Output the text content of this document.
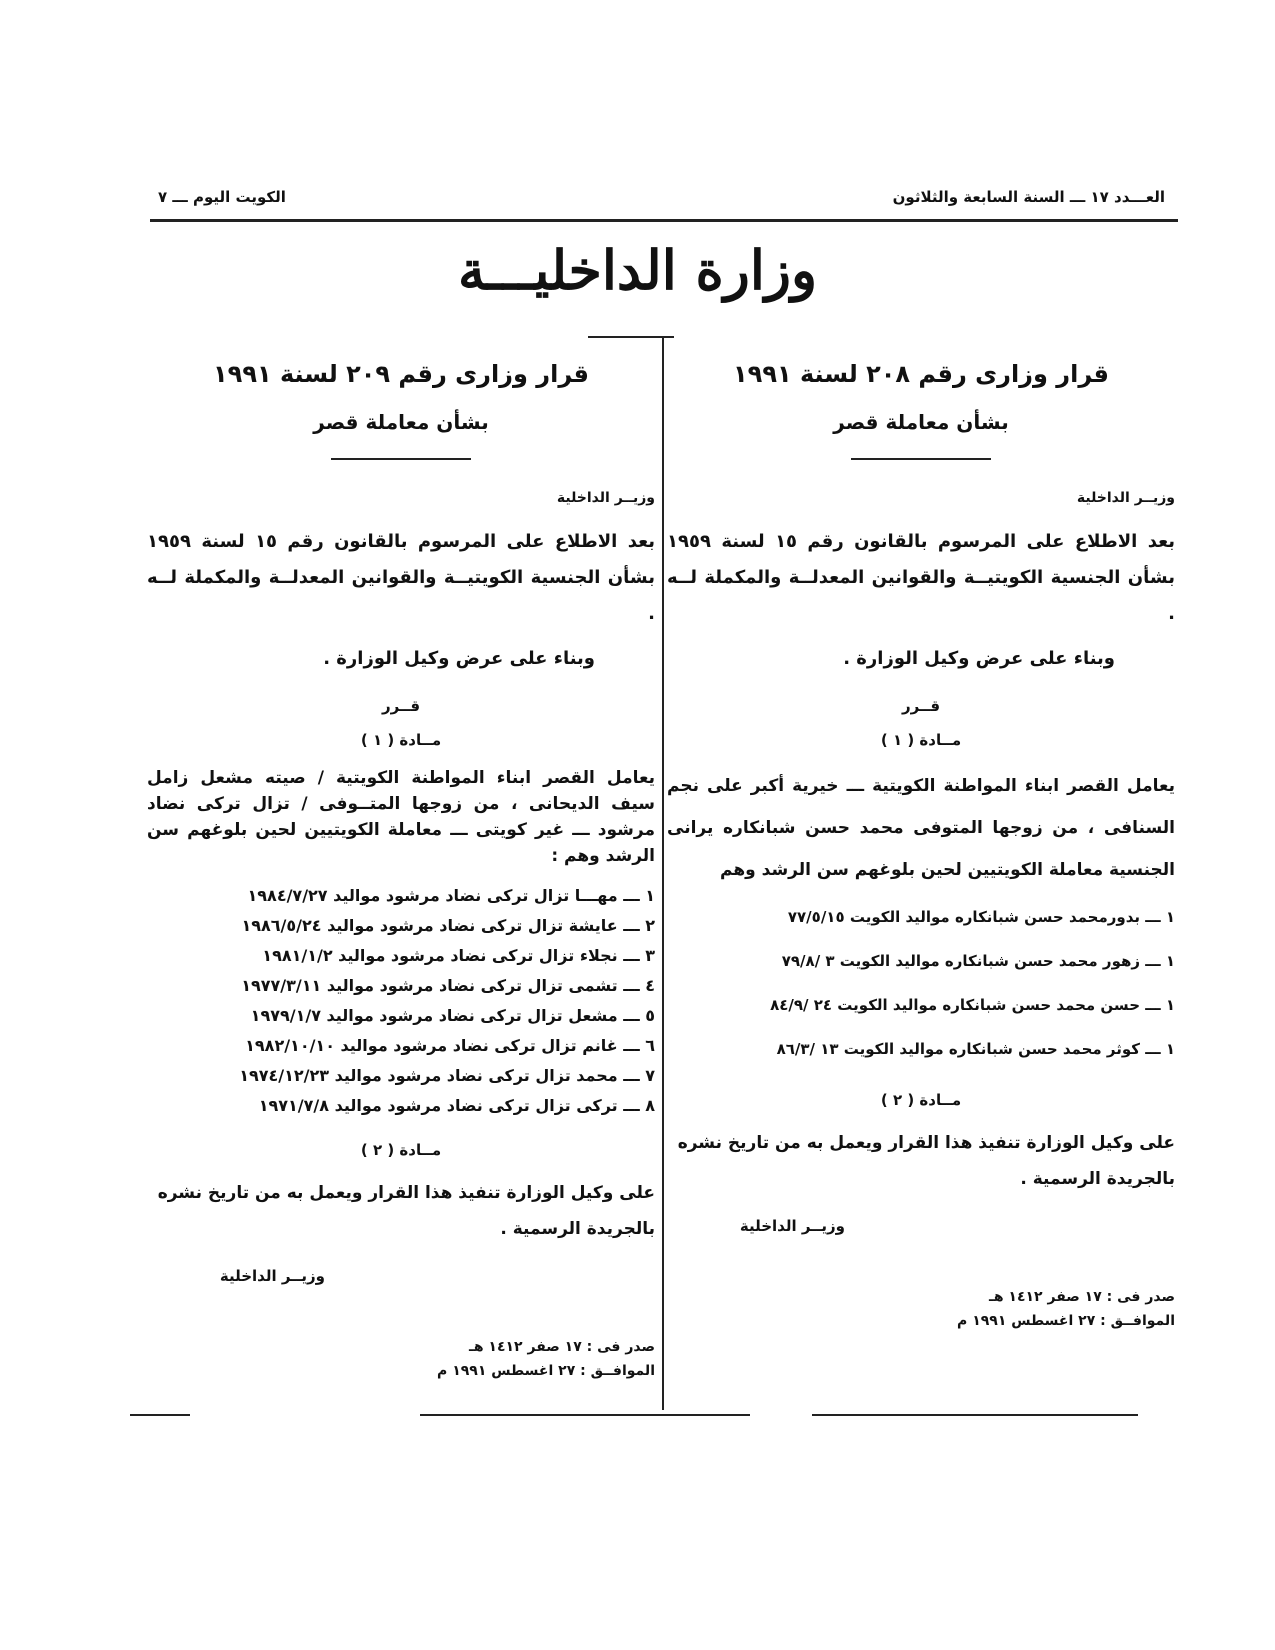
العـــدد ١٧ ـــ السنة السابعة والثلاثون
الكويت اليوم ـــ ٧
وزارة الداخليـــة
قرار وزارى رقم ٢٠٨ لسنة ١٩٩١
بشأن معاملة قصر

وزيــر الداخلية

بعد الاطلاع على المرسوم بالقانون رقم ١٥ لسنة ١٩٥٩ بشأن الجنسية الكويتيــة والقوانين المعدلــة والمكملة لــه .

وبناء على عرض وكيل الوزارة .

قــرر

مــادة ( ١ )

يعامل القصر ابناء المواطنة الكويتية ـــ خيرية أكبر على نجم السنافى ، من زوجها المتوفى محمد حسن شبانكاره يرانى الجنسية معاملة الكويتيين لحين بلوغهم سن الرشد وهم

١ ـــ بدورمحمد حسن شبانكاره مواليد الكويت ٧٧/٥/١٥
١ ـــ زهور محمد حسن شبانكاره مواليد الكويت ٣ /٧٩/٨
١ ـــ حسن محمد حسن شبانكاره مواليد الكويت ٢٤ /٨٤/٩
١ ـــ كوثر محمد حسن شبانكاره مواليد الكويت ١٣ /٨٦/٣

مــادة ( ٢ )

على وكيل الوزارة تنفيذ هذا القرار ويعمل به من تاريخ نشره بالجريدة الرسمية .

وزيــر الداخلية

صدر فى : ١٧ صفر ١٤١٢ هـ

الموافــق : ٢٧ اغسطس ١٩٩١ م

قرار وزارى رقم ٢٠٩ لسنة ١٩٩١
بشأن معاملة قصر

وزيــر الداخلية

بعد الاطلاع على المرسوم بالقانون رقم ١٥ لسنة ١٩٥٩ بشأن الجنسية الكويتيــة والقوانين المعدلــة والمكملة لــه .

وبناء على عرض وكيل الوزارة .

قــرر

مــادة ( ١ )

يعامل القصر ابناء المواطنة الكويتية / صيته مشعل زامل سيف الديحانى ، من زوجها المتــوفى / تزال تركى نضاد مرشود ـــ غير كويتى ـــ معاملة الكويتيين لحين بلوغهم سن الرشد وهم :

١ ـــ مهـــا تزال تركى نضاد مرشود مواليد ١٩٨٤/٧/٢٧
٢ ـــ عايشة تزال تركى نضاد مرشود مواليد ١٩٨٦/٥/٢٤
٣ ـــ نجلاء تزال تركى نضاد مرشود مواليد ١٩٨١/١/٢
٤ ـــ تشمى تزال تركى نضاد مرشود مواليد ١٩٧٧/٣/١١
٥ ـــ مشعل تزال تركى نضاد مرشود مواليد ١٩٧٩/١/٧
٦ ـــ غانم تزال تركى نضاد مرشود مواليد ١٩٨٢/١٠/١٠
٧ ـــ محمد تزال تركى نضاد مرشود مواليد ١٩٧٤/١٢/٢٣
٨ ـــ تركى تزال تركى نضاد مرشود مواليد ١٩٧١/٧/٨

مــادة ( ٢ )

على وكيل الوزارة تنفيذ هذا القرار ويعمل به من تاريخ نشره بالجريدة الرسمية .

وزيــر الداخلية

صدر فى : ١٧ صفر ١٤١٢ هـ

الموافــق : ٢٧ اغسطس ١٩٩١ م
